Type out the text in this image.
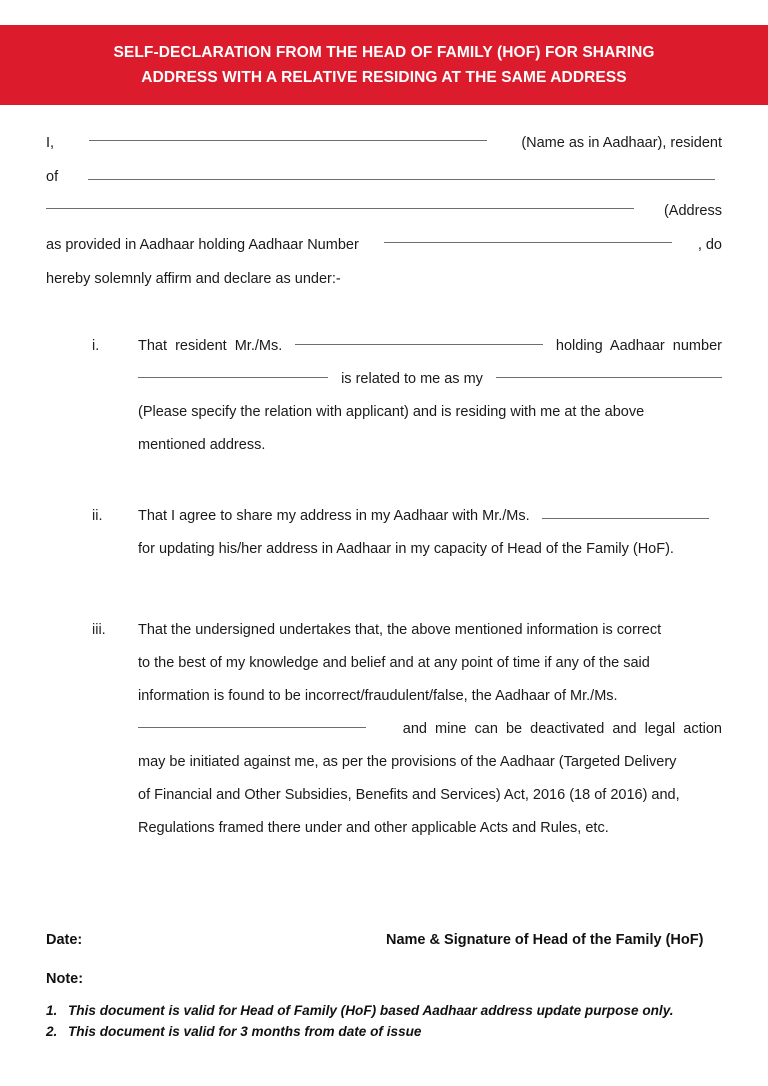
SELF-DECLARATION FROM THE HEAD OF FAMILY (HOF) FOR SHARING
ADDRESS WITH A RELATIVE RESIDING AT THE SAME ADDRESS
I,	(Name as in Aadhaar), resident
of
(Address
as provided in Aadhaar holding Aadhaar Number	, do
hereby solemnly affirm and declare as under:-
i.	That  resident  Mr./Ms.	holding  Aadhaar  number
is related to me as my
(Please specify the relation with applicant) and is residing with me at the above
mentioned address.
ii.	That I agree to share my address in my Aadhaar with Mr./Ms.
for updating his/her address in Aadhaar in my capacity of Head of the Family (HoF).
iii.	That the undersigned undertakes that, the above mentioned information is correct
to the best of my knowledge and belief and at any point of time if any of the said
information is found to be incorrect/fraudulent/false, the Aadhaar of Mr./Ms.
and  mine  can  be  deactivated  and  legal  action
may be initiated against me, as per the provisions of the Aadhaar (Targeted Delivery
of Financial and Other Subsidies, Benefits and Services) Act, 2016 (18 of 2016) and,
Regulations framed there under and other applicable Acts and Rules, etc.
Date:	Name & Signature of Head of the Family (HoF)
Note:
1. This document is valid for Head of Family (HoF) based Aadhaar address update purpose only.
2. This document is valid for 3 months from date of issue
